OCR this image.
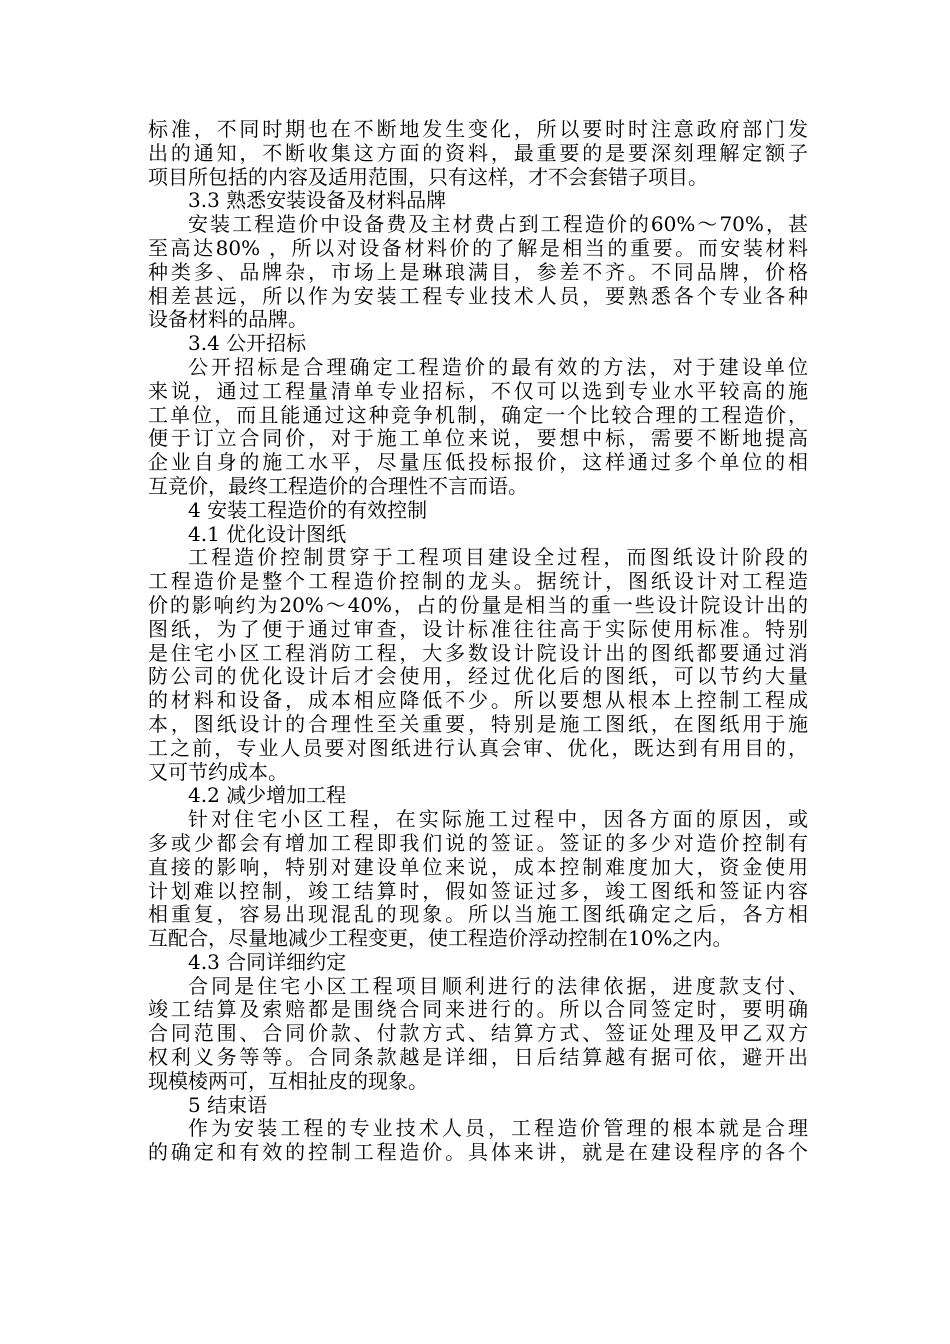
标准，不同时期也在不断地发生变化，所以要时时注意政府部门发
出的通知，不断收集这方面的资料，最重要的是要深刻理解定额子
项目所包括的内容及适用范围，只有这样，才不会套错子项目。
3.3 熟悉安装设备及材料品牌
安装工程造价中设备费及主材费占到工程造价的60%～70%，甚
至高达80% ，所以对设备材料价的了解是相当的重要。而安装材料
种类多、品牌杂，市场上是琳琅满目，参差不齐。不同品牌，价格
相差甚远，所以作为安装工程专业技术人员，要熟悉各个专业各种
设备材料的品牌。
3.4 公开招标
公开招标是合理确定工程造价的最有效的方法，对于建设单位
来说，通过工程量清单专业招标，不仅可以选到专业水平较高的施
工单位，而且能通过这种竞争机制，确定一个比较合理的工程造价，
便于订立合同价，对于施工单位来说，要想中标，需要不断地提高
企业自身的施工水平，尽量压低投标报价，这样通过多个单位的相
互竞价，最终工程造价的合理性不言而语。
4 安装工程造价的有效控制
4.1 优化设计图纸
工程造价控制贯穿于工程项目建设全过程，而图纸设计阶段的
工程造价是整个工程造价控制的龙头。据统计，图纸设计对工程造
价的影响约为20%～40%，占的份量是相当的重一些设计院设计出的
图纸，为了便于通过审查，设计标准往往高于实际使用标准。特别
是住宅小区工程消防工程，大多数设计院设计出的图纸都要通过消
防公司的优化设计后才会使用，经过优化后的图纸，可以节约大量
的材料和设备，成本相应降低不少。所以要想从根本上控制工程成
本，图纸设计的合理性至关重要，特别是施工图纸，在图纸用于施
工之前，专业人员要对图纸进行认真会审、优化，既达到有用目的，
又可节约成本。
4.2 减少增加工程
针对住宅小区工程，在实际施工过程中，因各方面的原因，或
多或少都会有增加工程即我们说的签证。签证的多少对造价控制有
直接的影响，特别对建设单位来说，成本控制难度加大，资金使用
计划难以控制，竣工结算时，假如签证过多，竣工图纸和签证内容
相重复，容易出现混乱的现象。所以当施工图纸确定之后，各方相
互配合，尽量地减少工程变更，使工程造价浮动控制在10%之内。
4.3 合同详细约定
合同是住宅小区工程项目顺利进行的法律依据，进度款支付、
竣工结算及索赔都是围绕合同来进行的。所以合同签定时，要明确
合同范围、合同价款、付款方式、结算方式、签证处理及甲乙双方
权利义务等等。合同条款越是详细，日后结算越有据可依，避开出
现模棱两可，互相扯皮的现象。
5 结束语
作为安装工程的专业技术人员，工程造价管理的根本就是合理
的确定和有效的控制工程造价。具体来讲，就是在建设程序的各个
